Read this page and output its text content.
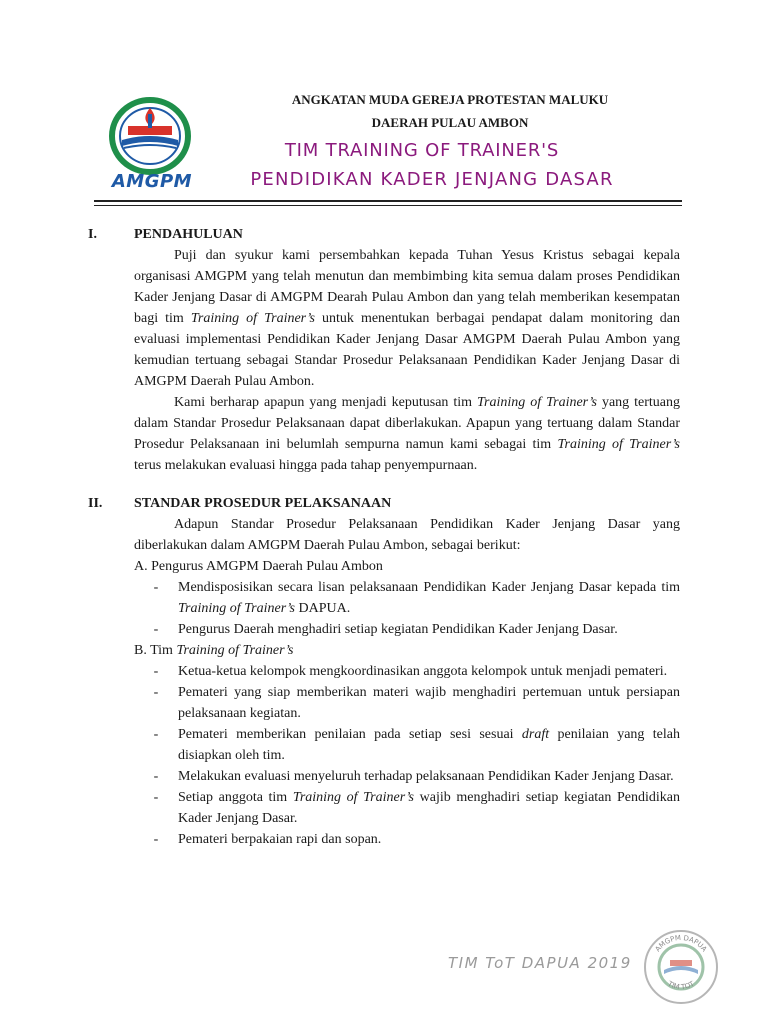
AMGPM
ANGKATAN MUDA GEREJA PROTESTAN MALUKU
DAERAH PULAU AMBON
TIM TRAINING OF TRAINER'S
PENDIDIKAN KADER JENJANG DASAR
I.	PENDAHULUAN
Puji dan syukur kami persembahkan kepada Tuhan Yesus Kristus sebagai kepala organisasi AMGPM yang telah menutun dan membimbing kita semua dalam proses Pendidikan Kader Jenjang Dasar di AMGPM Dearah Pulau Ambon dan yang telah memberikan kesempatan bagi tim Training of Trainer’s untuk menentukan berbagai pendapat dalam monitoring dan evaluasi implementasi Pendidikan Kader Jenjang Dasar AMGPM Daerah Pulau Ambon yang kemudian tertuang sebagai Standar Prosedur Pelaksanaan Pendidikan Kader Jenjang Dasar di AMGPM Daerah Pulau Ambon.
Kami berharap apapun yang menjadi keputusan tim Training of Trainer’s yang tertuang dalam Standar Prosedur Pelaksanaan dapat diberlakukan. Apapun yang tertuang dalam Standar Prosedur Pelaksanaan ini belumlah sempurna namun kami sebagai tim Training of Trainer’s terus melakukan evaluasi hingga pada tahap penyempurnaan.
II.	STANDAR PROSEDUR PELAKSANAAN
Adapun Standar Prosedur Pelaksanaan Pendidikan Kader Jenjang Dasar yang diberlakukan dalam AMGPM Daerah Pulau Ambon, sebagai berikut:
A. Pengurus AMGPM Daerah Pulau Ambon
-	Mendisposisikan secara lisan pelaksanaan Pendidikan Kader Jenjang Dasar kepada tim Training of Trainer’s DAPUA.
-	Pengurus Daerah menghadiri setiap kegiatan Pendidikan Kader Jenjang Dasar.
B. Tim Training of Trainer’s
-	Ketua-ketua kelompok mengkoordinasikan anggota kelompok untuk menjadi pemateri.
-	Pemateri yang siap memberikan materi wajib menghadiri pertemuan untuk persiapan pelaksanaan kegiatan.
-	Pemateri memberikan penilaian pada setiap sesi sesuai draft penilaian yang telah disiapkan oleh tim.
-	Melakukan evaluasi menyeluruh terhadap pelaksanaan Pendidikan Kader Jenjang Dasar.
-	Setiap anggota tim Training of Trainer’s wajib menghadiri setiap kegiatan Pendidikan Kader Jenjang Dasar.
-	Pemateri berpakaian rapi dan sopan.
TIM ToT DAPUA 2019
AMGPM DAPUA
TIM TOT
